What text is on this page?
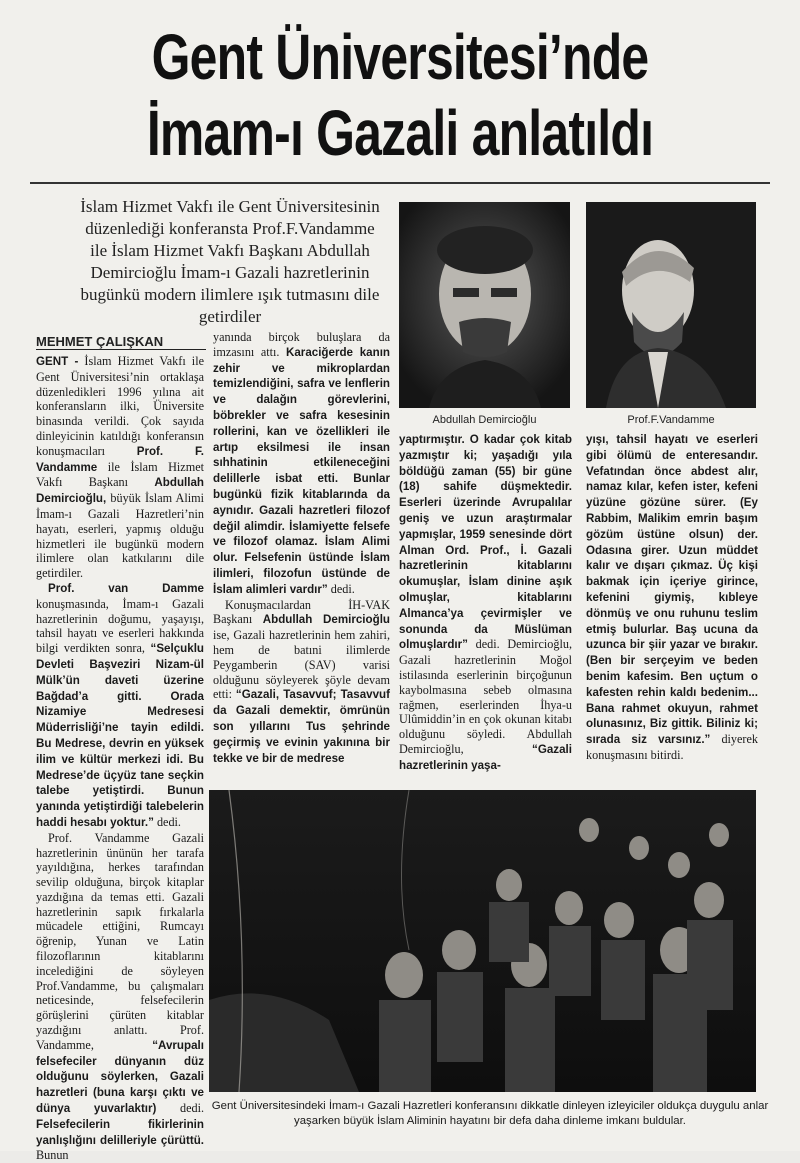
Gent Üniversitesi’nde
İmam-ı Gazali anlatıldı
İslam Hizmet Vakfı ile Gent Üniversitesinin düzenlediği konferansta Prof.F.Vandamme ile İslam Hizmet Vakfı Başkanı Abdullah Demircioğlu İmam-ı Gazali hazretlerinin bugünkü modern ilimlere ışık tutmasını dile getirdiler
Abdullah Demircioğlu	Prof.F.Vandamme
MEHMET ÇALIŞKAN

GENT - İslam Hizmet Vakfı ile Gent Üniversitesi’nin ortaklaşa düzenledikleri 1996 yılına ait konferansların ilki, Üniversite binasında verildi. Çok sayıda dinleyicinin katıldığı konferansın konuşmacıları Prof. F. Vandamme ile İslam Hizmet Vakfı Başkanı Abdullah Demircioğlu, büyük İslam Alimi İmam-ı Gazali Hazretleri’nin hayatı, eserleri, yapmış olduğu hizmetleri ile bugünkü modern ilimlere olan katkılarını dile getirdiler.

Prof. van Damme konuşmasında, İmam-ı Gazali hazretlerinin doğumu, yaşayışı, tahsil hayatı ve eserleri hakkında bilgi verdikten sonra, “Selçuklu Devleti Başveziri Nizam-ül Mülk’ün daveti üzerine Bağdad’a gitti. Orada Nizamiye Medresesi Müderrisliği’ne tayin edildi. Bu Medrese, devrin en yüksek ilim ve kültür merkezi idi. Bu Medrese’de üçyüz tane seçkin talebe yetiştirdi. Bunun yanında yetiştirdiği talebelerin haddi hesabı yoktur.” dedi.

Prof. Vandamme Gazali hazretlerinin ününün her tarafa yayıldığına, herkes tarafından sevilip olduğuna, birçok kitaplar yazdığına da temas etti. Gazali hazretlerinin sapık fırkalarla mücadele ettiğini, Rumcayı öğrenip, Yunan ve Latin filozoflarının kitablarını incelediğini de söyleyen Prof.Vandamme, bu çalışmaları neticesinde, felsefecilerin görüşlerini çürüten kitablar yazdığını anlattı. Prof. Vandamme, “Avrupalı felsefeciler dünyanın düz olduğunu söylerken, Gazali hazretleri (buna karşı çıktı ve dünya yuvarlaktır) dedi. Felsefecilerin fikirlerinin yanlışlığını delilleriyle çürüttü. Bunun

yanında birçok buluşlara da imzasını attı. Karaciğerde kanın zehir ve mikroplardan temizlendiğini, safra ve lenflerin ve dalağın görevlerini, böbrekler ve safra kesesinin rollerini, kan ve özellikleri ile artıp eksilmesi ile insan sıhhatinin etkileneceğini delillerle isbat etti. Bunlar bugünkü fizik kitablarında da aynıdır. Gazali hazretleri filozof değil alimdir. İslamiyette felsefe ve filozof olamaz. İslam Alimi olur. Felsefenin üstünde İslam ilimleri, filozofun üstünde de İslam alimleri vardır” dedi.

Konuşmacılardan İH-VAK Başkanı Abdullah Demircioğlu ise, Gazali hazretlerinin hem zahiri, hem de batıni ilimlerde Peygamberin (SAV) varisi olduğunu söyleyerek şöyle devam etti: “Gazali, Tasavvuf; Tasavvuf da Gazali demektir, ömrünün son yıllarını Tus şehrinde geçirmiş ve evinin yakınına bir tekke ve bir de medrese

yaptırmıştır. O kadar çok kitab yazmıştır ki; yaşadığı yıla böldüğü zaman (55) bir güne (18) sahife düşmektedir. Eserleri üzerinde Avrupalılar geniş ve uzun araştırmalar yapmışlar, 1959 senesinde dört Alman Ord. Prof., İ. Gazali hazretlerinin kitablarını okumuşlar, İslam dinine aşık olmuşlar, kitablarını Almanca’ya çevirmişler ve sonunda da Müslüman olmuşlardır” dedi. Demircioğlu, Gazali hazretlerinin Moğol istilasında eserlerinin birçoğunun kaybolmasına sebeb olmasına rağmen, eserlerinden İhya-u Ulûmiddin’in en çok okunan kitabı olduğunu söyledi. Abdullah Demircioğlu, “Gazali hazretlerinin yaşa-

yışı, tahsil hayatı ve eserleri gibi ölümü de enteresandır. Vefatından önce abdest alır, namaz kılar, kefen ister, kefeni yüzüne gözüne sürer. (Ey Rabbim, Malikim emrin başım gözüm üstüne olsun) der. Odasına girer. Uzun müddet kalır ve dışarı çıkmaz. Üç kişi bakmak için içeriye girince, kefenini giymiş, kıbleye dönmüş ve onu ruhunu teslim etmiş bulurlar. Baş ucuna da uzunca bir şiir yazar ve bırakır. (Ben bir serçeyim ve beden benim kafesim. Ben uçtum o kafesten rehin kaldı bedenim... Bana rahmet okuyun, rahmet olunasınız, Biz gittik. Biliniz ki; sırada siz varsınız.” diyerek konuşmasını bitirdi.

Gent Üniversitesindeki İmam-ı Gazali Hazretleri konferansını dikkatle dinleyen izleyiciler oldukça duygulu anlar yaşarken büyük İslam Aliminin hayatını bir defa daha dinleme imkanı buldular.
